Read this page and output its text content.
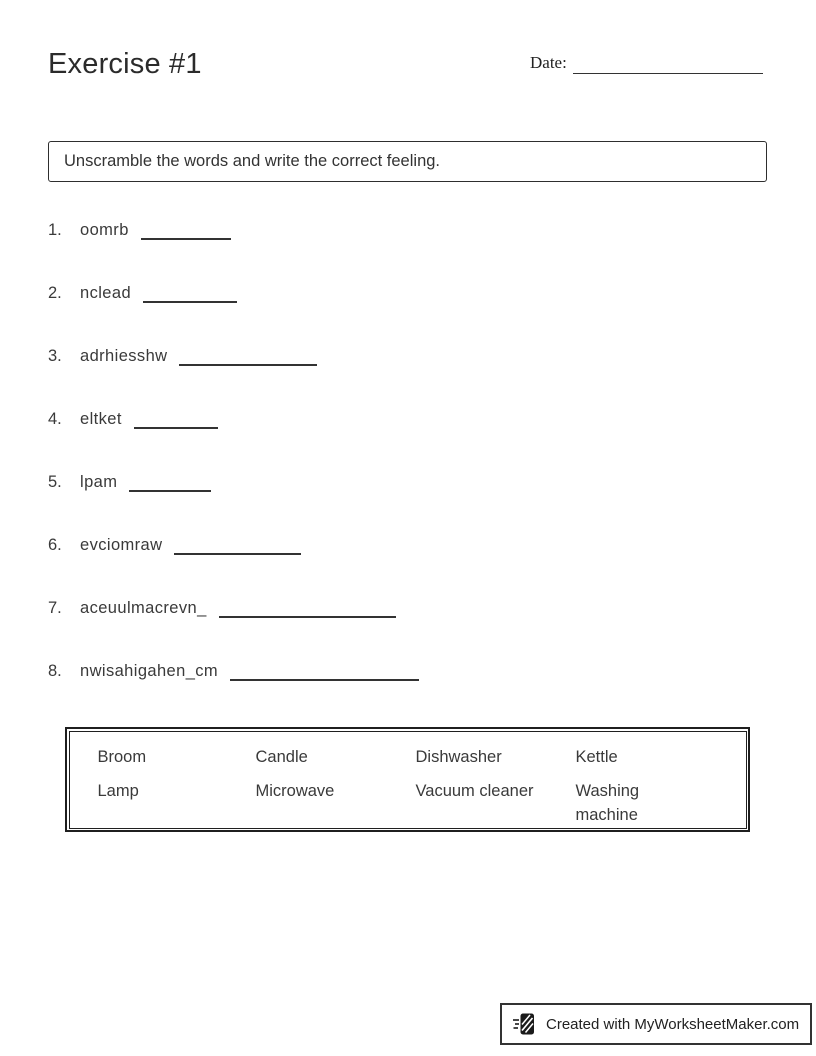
Exercise #1	Date:
Unscramble the words and write the correct feeling.
1. oomrb
2. nclead
3. adrhiesshw
4. eltket
5. lpam
6. evciomraw
7. aceuulmacrevn_
8. nwisahigahen_cm
Broom	Candle	Dishwasher	Kettle
Lamp	Microwave	Vacuum cleaner	Washing machine
Created with MyWorksheetMaker.com
